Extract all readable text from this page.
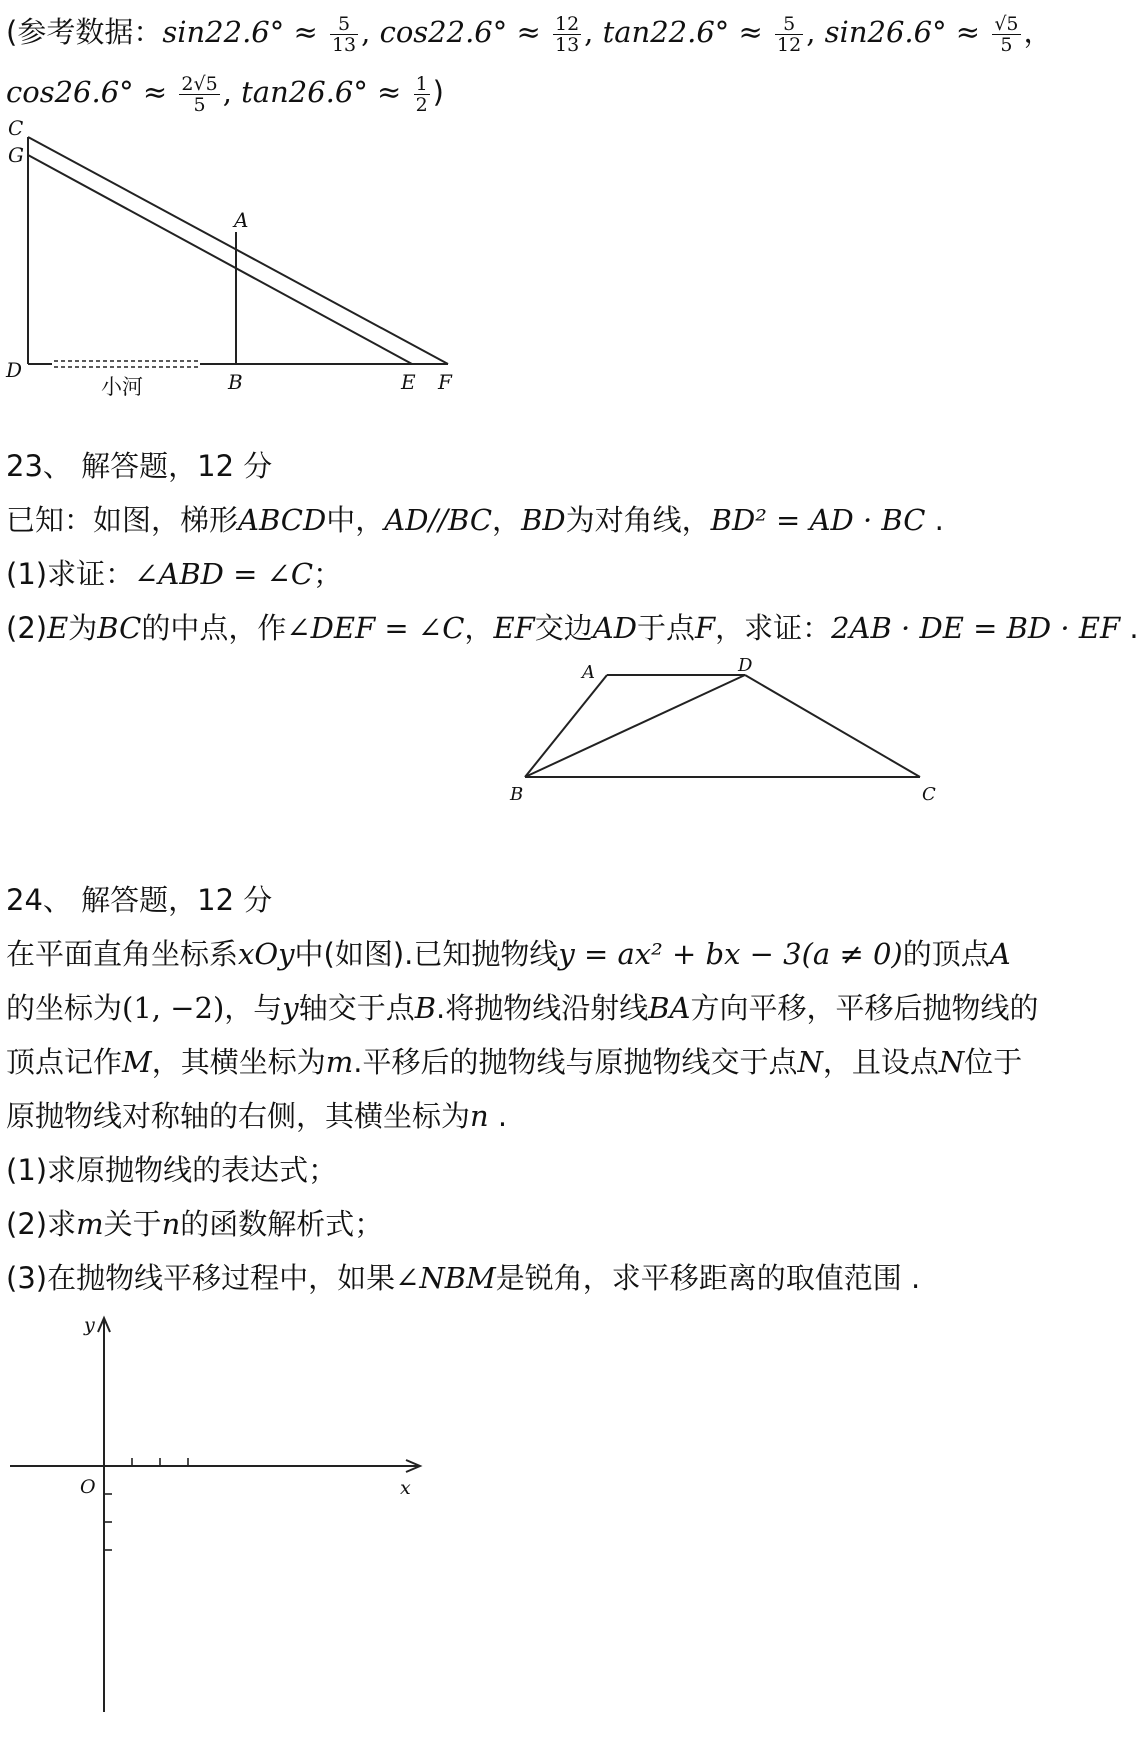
(参考数据：$\sin 22.6^\circ \approx \frac{5}{13}$ , $\cos 22.6^\circ \approx \frac{12}{13}$ , $\tan 22.6^\circ \approx \frac{5}{12}$ , $\sin 26.6^\circ \approx \frac{√5}{5}$ ，
$\cos 26.6^\circ \approx \frac{2√5}{5}$ , $\tan 26.6^\circ \approx \frac{1}{2}$ )
C
G
A
D	B	E F
小河
23、 解答题，12 分
已知：如图，梯形ABCD中，AD//BC，BD为对角线，BD² = AD · BC .
(1)求证：∠ABD = ∠C；
(2)E为BC的中点，作∠DEF = ∠C，EF交边AD于点F，求证：2AB · DE = BD · EF .
A	D
B	C
24、 解答题，12 分
在平面直角坐标系xOy中(如图).已知抛物线y = ax² + bx − 3(a ≠ 0)的顶点A
的坐标为(1, −2)，与y轴交于点B.将抛物线沿射线BA方向平移，平移后抛物线的
顶点记作M，其横坐标为m.平移后的抛物线与原抛物线交于点N，且设点N位于
原抛物线对称轴的右侧，其横坐标为n .
(1)求原抛物线的表达式；
(2)求m关于n的函数解析式；
(3)在抛物线平移过程中，如果∠NBM是锐角，求平移距离的取值范围 .
y
x
O
